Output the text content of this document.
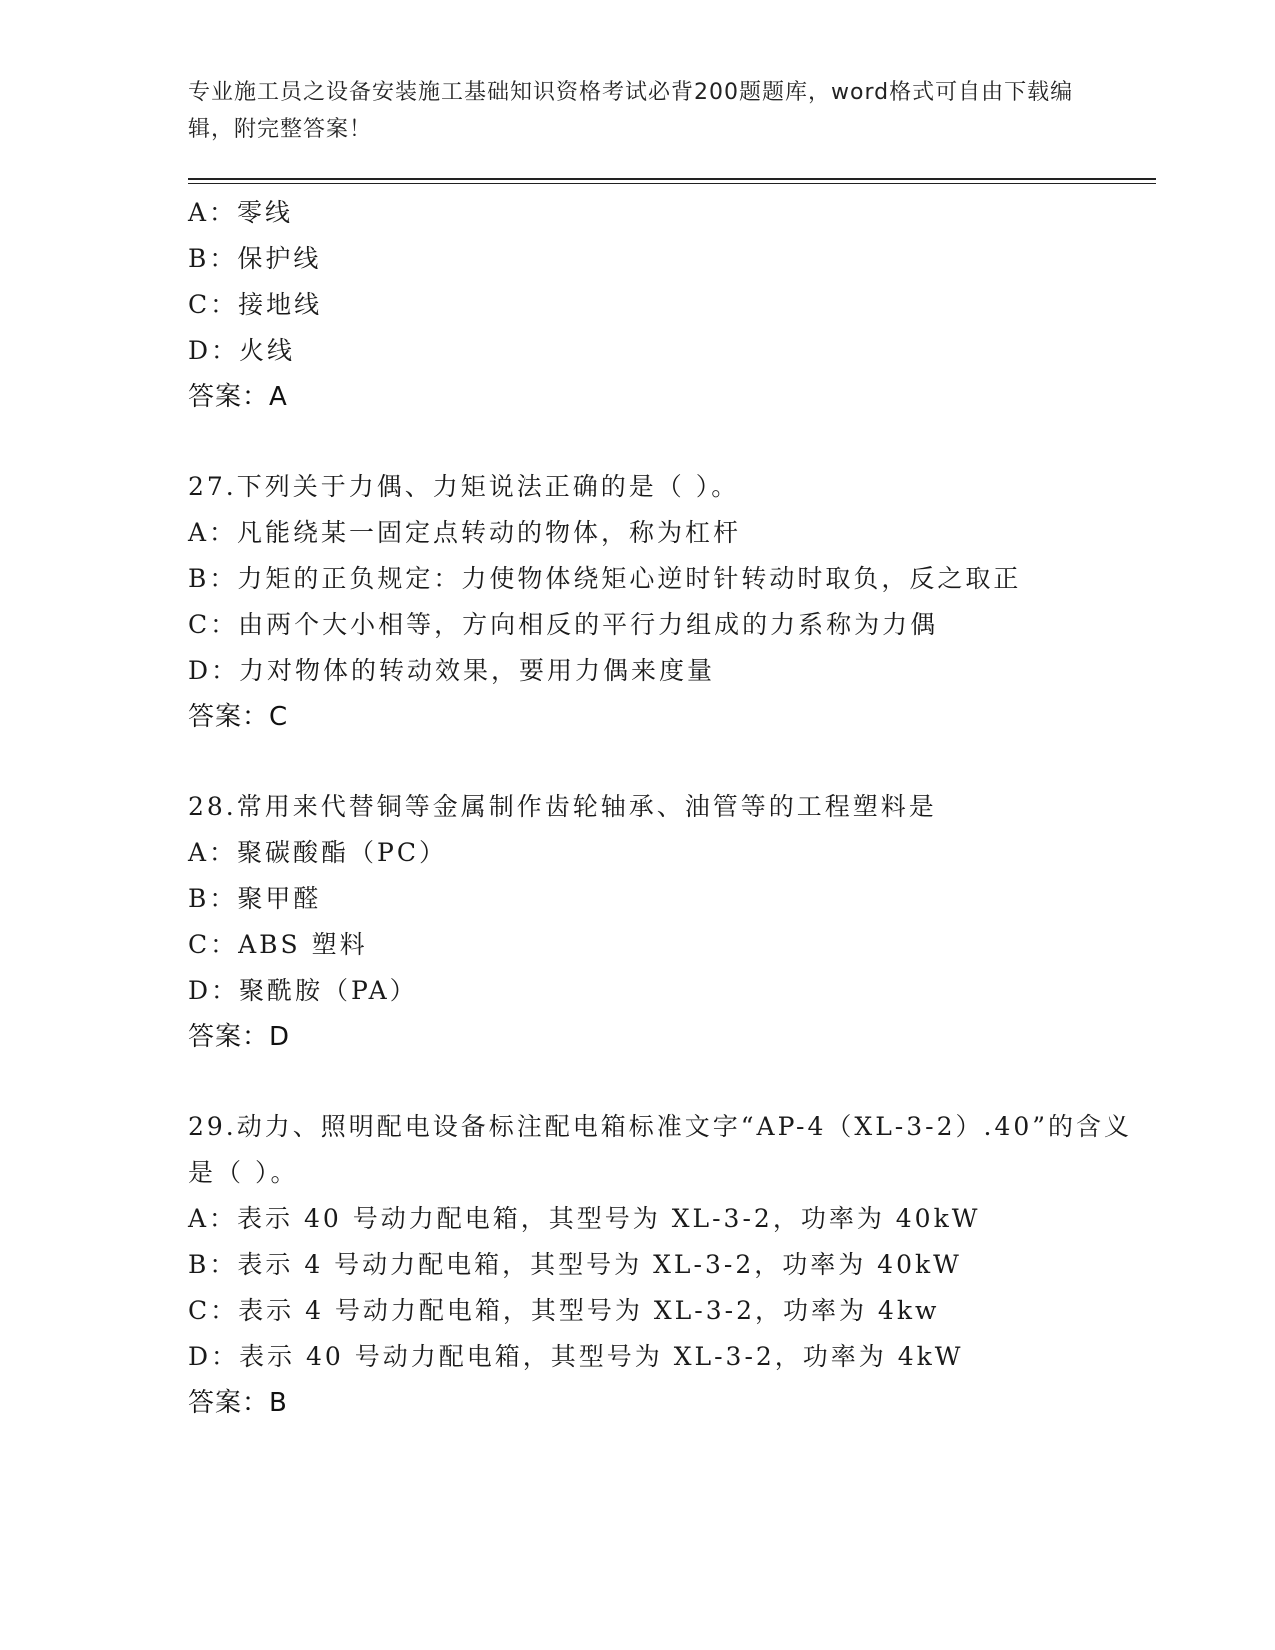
专业施工员之设备安装施工基础知识资格考试必背200题题库，word格式可自由下载编辑，附完整答案！
A：零线
B：保护线
C：接地线
D：火线
答案：A
27.下列关于力偶、力矩说法正确的是（ ）。
A：凡能绕某一固定点转动的物体，称为杠杆
B：力矩的正负规定：力使物体绕矩心逆时针转动时取负，反之取正
C：由两个大小相等，方向相反的平行力组成的力系称为力偶
D：力对物体的转动效果，要用力偶来度量
答案：C
28.常用来代替铜等金属制作齿轮轴承、油管等的工程塑料是
A：聚碳酸酯（PC）
B：聚甲醛
C：ABS 塑料
D：聚酰胺（PA）
答案：D
29.动力、照明配电设备标注配电箱标准文字“AP-4（XL-3-2）.40”的含义是（ ）。
A：表示 40 号动力配电箱，其型号为 XL-3-2，功率为 40kW
B：表示 4 号动力配电箱，其型号为 XL-3-2，功率为 40kW
C：表示 4 号动力配电箱，其型号为 XL-3-2，功率为 4kw
D：表示 40 号动力配电箱，其型号为 XL-3-2，功率为 4kW
答案：B
